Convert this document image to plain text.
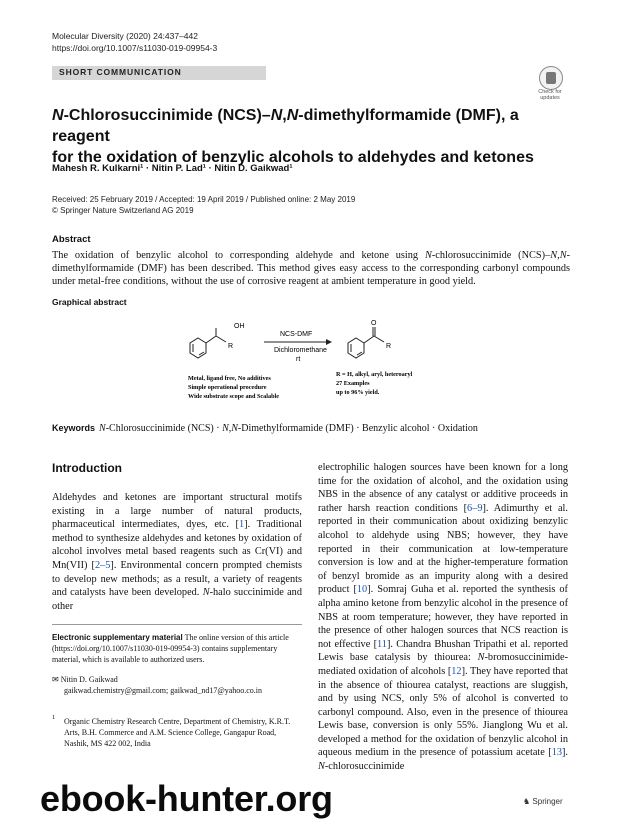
Molecular Diversity (2020) 24:437–442
https://doi.org/10.1007/s11030-019-09954-3
SHORT COMMUNICATION
Check for updates
N-Chlorosuccinimide (NCS)–N,N-dimethylformamide (DMF), a reagent
for the oxidation of benzylic alcohols to aldehydes and ketones
Mahesh R. Kulkarni¹ · Nitin P. Lad¹ · Nitin D. Gaikwad¹
Received: 25 February 2019 / Accepted: 19 April 2019 / Published online: 2 May 2019
© Springer Nature Switzerland AG 2019
Abstract
The oxidation of benzylic alcohol to corresponding aldehyde and ketone using N-chlorosuccinimide (NCS)–N,N-dimethylformamide (DMF) has been described. This method gives easy access to the corresponding carbonyl compounds under metal-free conditions, without the use of corrosive reagent at ambient temperature in good yield.
Graphical abstract
OH
R
NCS-DMF
Dichloromethane
rt
O
R
Metal, ligand free, No additives
Simple operational procedure
Wide substrate scope and Scalable
R = H, alkyl, aryl, heteroaryl
27 Examples
up to 96% yield.
Keywords N-Chlorosuccinimide (NCS) · N,N-Dimethylformamide (DMF) · Benzylic alcohol · Oxidation
Introduction
Aldehydes and ketones are important structural motifs existing in a large number of natural products, pharmaceutical intermediates, dyes, etc. [1]. Traditional method to synthesize aldehydes and ketones by oxidation of alcohol involves metal based reagents such as Cr(VI) and Mn(VII) [2–5]. Environmental concern prompted chemists to develop new methods; as a result, a variety of reagents and catalysts have been developed. N-halo succinimide and other
electrophilic halogen sources have been known for a long time for the oxidation of alcohol, and the oxidation using NBS in the absence of any catalyst or additive proceeds in rather harsh reaction conditions [6–9]. Adimurthy et al. reported in their communication about oxidizing benzylic alcohol to aldehyde using NBS; however, they have reported in their communication at low-temperature conversion is low and at the higher-temperature formation of benzyl bromide as an impurity along with a desired product [10]. Somraj Guha et al. reported the synthesis of alpha amino ketone from benzylic alcohol in the presence of NBS at room temperature; however, they have reported in the presence of other halogen sources that NCS reaction is not effective [11]. Chandra Bhushan Tripathi et al. reported Lewis base catalysis by thiourea: N-bromosuccinimide-mediated oxidation of alcohols [12]. They have reported that in the absence of thiourea catalyst, reactions are sluggish, and by using NCS, only 5% of alcohol is converted to carbonyl compound. Also, even in the presence of thiourea Lewis base, conversion is only 55%. Jianglong Wu et al. developed a method for the oxidation of benzylic alcohol in aqueous medium in the presence of potassium acetate [13]. N-chlorosuccinimide
Electronic supplementary material The online version of this article (https://doi.org/10.1007/s11030-019-09954-3) contains supplementary material, which is available to authorized users.
✉ Nitin D. Gaikwad
gaikwad.chemistry@gmail.com; gaikwad_nd17@yahoo.co.in
$^1$	Organic Chemistry Research Centre, Department of Chemistry, K.R.T. Arts, B.H. Commerce and A.M. Science College, Gangapur Road, Nashik, MS 422 002, India
♞ Springer
ebook-hunter.org
